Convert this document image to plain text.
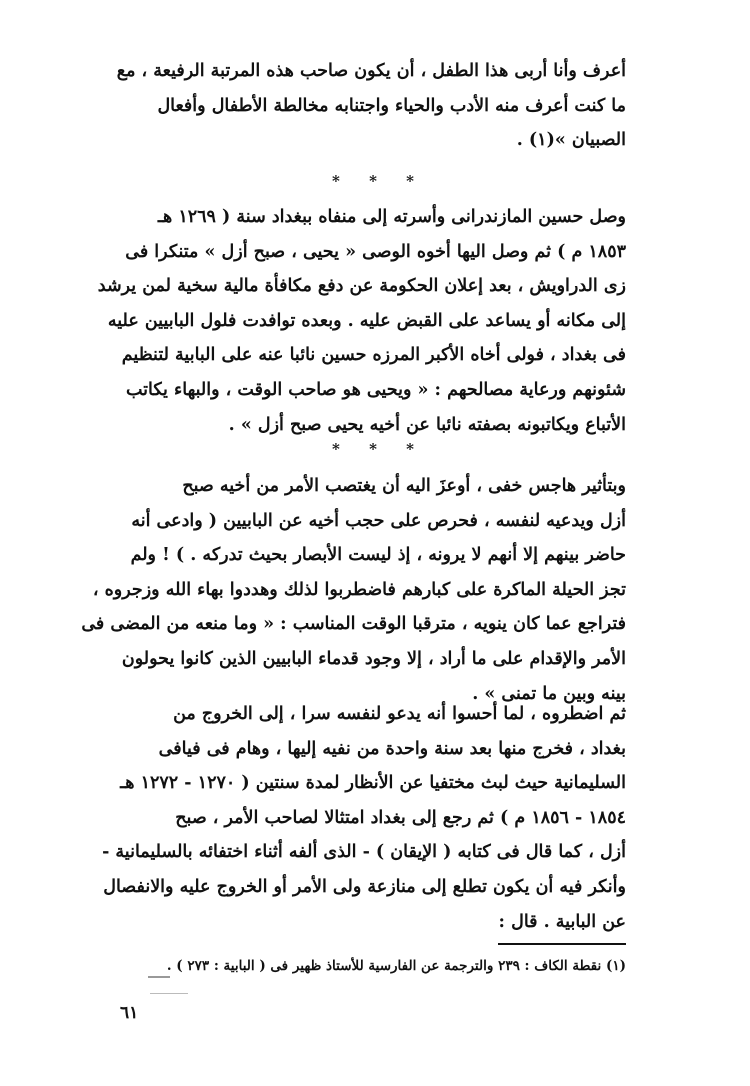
أعرف وأنا أربى هذا الطفل ، أن يكون صاحب هذه المرتبة الرفيعة ، مع
ما كنت أعرف منه الأدب والحياء واجتنابه مخالطة الأطفال وأفعال
الصبيان »(١) .
* * *
وصل حسين المازندرانى وأسرته إلى منفاه ببغداد سنة ( ١٢٦٩ هـ
١٨٥٣ م ) ثم وصل اليها أخوه الوصى « يحيى ، صبح أزل » متنكرا فى
زى الدراويش ، بعد إعلان الحكومة عن دفع مكافأة مالية سخية لمن يرشد
إلى مكانه أو يساعد على القبض عليه . وبعده توافدت فلول البابيين عليه
فى بغداد ، فولى أخاه الأكبر المرزه حسين نائبا عنه على البابية لتنظيم
شئونهم ورعاية مصالحهم : « ويحيى هو صاحب الوقت ، والبهاء يكاتب
الأتباع ويكاتبونه بصفته نائبا عن أخيه يحيى صبح أزل » .
* * *
وبتأثير هاجس خفى ، أوعزَ اليه أن يغتصب الأمر من أخيه صبح
أزل ويدعيه لنفسه ، فحرص على حجب أخيه عن البابيين ( وادعى أنه
حاضر بينهم إلا أنهم لا يرونه ، إذ ليست الأبصار بحيث تدركه . ) ! ولم
تجز الحيلة الماكرة على كبارهم فاضطربوا لذلك وهددوا بهاء الله وزجروه ،
فتراجع عما كان ينويه ، مترقبا الوقت المناسب : « وما منعه من المضى فى
الأمر والإقدام على ما أراد ، إلا وجود قدماء البابيين الذين كانوا يحولون
بينه وبين ما تمنى » .
ثم اضطروه ، لما أحسوا أنه يدعو لنفسه سرا ، إلى الخروج من
بغداد ، فخرج منها بعد سنة واحدة من نفيه إليها ، وهام فى فيافى
السليمانية حيث لبث مختفيا عن الأنظار لمدة سنتين ( ١٢٧٠ - ١٢٧٢ هـ
١٨٥٤ - ١٨٥٦ م ) ثم رجع إلى بغداد امتثالا لصاحب الأمر ، صبح
أزل ، كما قال فى كتابه ( الإيقان ) - الذى ألفه أثناء اختفائه بالسليمانية -
وأنكر فيه أن يكون تطلع إلى منازعة ولى الأمر أو الخروج عليه والانفصال
عن البابية . قال :
(١) نقطة الكاف : ٢٣٩ والترجمة عن الفارسية للأستاذ ظهير فى ( البابية : ٢٧٣ ) .
٦١
